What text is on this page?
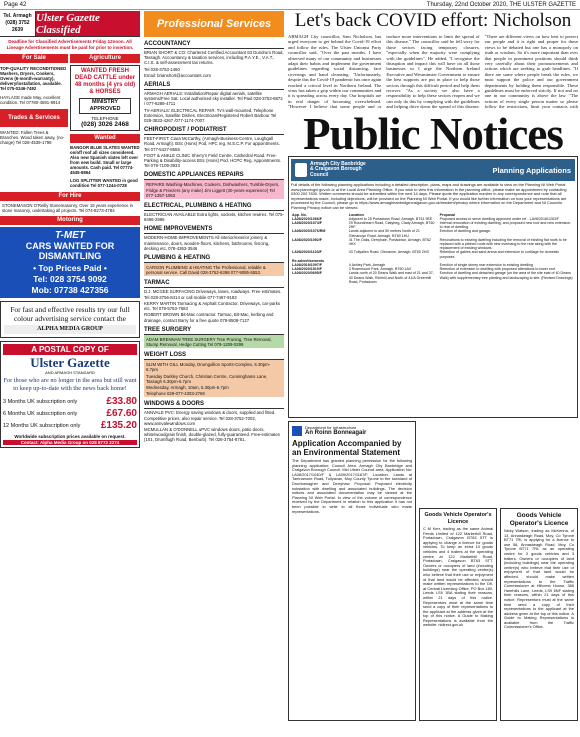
Page 42	Thursday, 22nd October 2020, THE ULSTER GAZETTE
Tel. Armagh
(028) 3752 2639
Ulster Gazette Classified
Deadline for Classified Advertisements Friday 12noon. All Lineage Advertisements must be paid for prior to insertion.
For Sale
TOP-QUALITY RECONDITIONED Washers, Dryers, Cookers, Ovens (6-month-warranty), delivery/installation, available. Tel 075-0246-7492
HAYLAGE made May, excellent condition. Tel 07780-4591-8914
Trades & Services
WANTED: Fallen Trees & Branches. Wood taken away, (no-charge) Tel 028-4539-1798
Agriculture
WANTED FRESH DEAD CATTLE under 48 months (4 yrs old) & HORSES
MINISTRY APPROVED
TELEPHONE
(028) 3026 2468
Wanted
BANGOR BLUE SLATES WANTED on/off roof all sizes considered. Also new Spanish slates left over from new build. Small or large amounts. Cash paid. Tel 07774-4545-6864
LOG SPLITTER WANTED in good condition Tel 077-1244-0728
For Hire
STONEMASON O'Reilly Stonemasonry, Over 15 years experience in stone masonry, undertaking all projects. Tel 074-8273-4784
Motoring
T-MET
CARS WANTED FOR DISMANTLING
• Top Prices Paid •
Tel: 028 3754 9092
Mob: 07738 427356
For fast and effective results try our full colour advertising service contact the
ALPHA MEDIA GROUP
A POSTAL COPY OF
Ulster Gazette
AND ARMAGH STANDARD
For those who are no longer in the area but still want to keep up-to-date with the news back home!
3 Months UK subscription only	£33.80
6 Months UK subscription only	£67.60
12 Months UK subscription only £135.20
Worldwide subscription prices available on request.
Contact: Alpha Media Group on 028 8772 2274
Professional Services
ACCOUNTANCY
BRIAN SHORT & CO: Chartered Certified Accountant 63 Dundrum Road, Tassagh. Accountancy & taxation services, including P.A.Y.E., V.A.T., C.I.S. & self-assessment tax returns.
Tel 028-3753-1460
Email: brianshort@accountant.com
AERIALS
ARMAGH AERIALS: Installation/Repair digital aerials, satellite systems/Free Sat. Local authorised sky installer. Tel Paul 028-3753-8872 / 077-6288-4711
TV-AERIALS: ELECTRICAL REPAIR. Tv's wall-mounted, Telephone Extension, Satellite Dishes. Electrician/Registered Robert Barbour Tel 028-3833-4267 /077-1174-7007.
CHIROPODIST / PODIATRIST
FEET-FIRST: Ciara McCarthy, (Armagh-Business-Centre, Loughgall Road, Armagh). BSc (Hons) Pod, HPC reg, M.S.C.P. For appointments. Tel 077-5427-8555
FOOT & ANKLE CLINIC Sherry's Field Centre, Cathedral Road. Free-Parking & Disability-access BSc (Hons) Pod. HCPC Reg. Appointments. Tel 079-7109-3933
DOMESTIC APPLIANCES REPAIRS
REPAIRS Washing-Machines, Cookers, Dishwashers, Tumble-Dryers, Fridge & Freezers (any make) Jim Liggett (30-years-experience) Tel 077-1357-1953
ELECTRICAL, PLUMBING & HEATING
ELECTRICIAN AVAILABLE Extra lights, sockets, kitchen rewires. Tel 075-8496-2996
HOME IMPROVEMENTS
MODERN-HOME-IMPROVEMENTS All interior/exterior joinery & maintenance, doors, wooden-floors, kitchens, bathrooms, fencing, decking etc. 078-4363-3546
PLUMBING & HEATING
CARSON PLUMBING & HEATING The Professional, reliable & personal service. Call David 028-3752-6398 077-9085-5553.
TARMAC
D.J. MCGEE SURFACING Driveways, lanes, roadways. Free estimates. Tel 028-3756-8414 or call mobile 077-7467-9183
KERRY MARTIN Tarmacing & Asphalt Contractor. Driveways, car-parks etc. Tel 079-5763-7683
ROBERT BROWN Bit-Mac contractor. Tarmac, Bit-Mac, kerbing and drainage, contact Barry for a free quote 078-8508-7127
TREE SURGERY
ADAM BRENNAN TREE SURGERY Tree Pruning, Tree Removal, Stump Removal, Hedge Cutting Tel 079-1209-0299
WEIGHT LOSS
SLIM WITH GILL Monday, Drumgullion Sports-Complex, 5.30pm-6.7pm
Tuesday Darkley Church, Christian Centre, Cunninghams Lane, Tassagh 5.30pm-6.7pm
Wednesday, Armagh, 10am, 5.30pm-6.7pm
Telephone 028-077-4303-2769
WINDOWS & DOORS
ANNVALE PVC: Energy saving windows & doors, supplied and fitted. Competitive prices, also repair service. Tel 028-3752-7002, www.annvalewindows.com
MCMULLAN & O'DONNELL uPVC windows doors, patio doors, white/woodgrain finish, double-glazed, fully-guaranteed. Free-estimates (101, Drumflugh Road, Benburb). Tel 028-3754-8781.
Let's back COVID effort: Nicholson
ARMAGH City councillor, Sam Nicholson, has urged everyone to get behind the Covid-19 effort and follow the rules. The Ulster Unionist Party councillor said, "Over the past months, I have observed many of our community and businesses adapt their habits and implement the government guidelines regarding social distancing, face coverings and hand cleansing. "Unfortunately, despite this the Covid-19 pandemic has once again reached a critical level in Northern Ireland. The virus has taken a grip within our communities and it is spreading across every day. Our hospitals are in real danger of becoming overwhelmed. "However I believe that some people and or
troduce more interventions to limit the spread of this disease." The councillor said he fell sorry for those sectors facing temporary closures, "especially when the majority were complying with the guidelines". He added, "I recognise the disruption and impact this will have on all those businesses so I urge the Northern Ireland Executive and Westminster Government to ensure the best supports are put in place to help those sectors through this difficult period and help them recover. "As a society we also have a responsibility to help these sectors reopen and we can only do this by complying with the guidelines and helping drive down the spread of this disease.
"There are different views on how best to protect our people and it is right and proper for these views to be debated but one has a monopoly on truth or wisdom. So it's more important than ever that people in prominent positions should think very carefully about their pronouncements and actions which are seeking to grab headlines. "If there are some where people break the rules, we must support the police and our government departments by holding them responsible. These guidelines must be enforced strictly. If not and no one in our community is above the law. "The actions of every single person matter so please follow the restrictions, limit your contacts with
Public Notices
Armagh City Banbridge & Craigavon Borough Council
Planning Applications
Full details of the following planning applications including a detailed description, plans, maps and drawings are available to view on the Planning NI Web Portal www.planningni.gov.uk or at the Local Area Planning Office. If you wish to view this information in the planning office, please make an appointment by contacting 0300 200 7830. Written comments should be submitted within the next 14 days. Please quote the application number in any correspondence and note that all representations made, including objections, will be provided on the Planning NI Web Portal. If you would like further information on how your representations are processed by the Council, please go to https://www.armaghbanbridgecraigavon.gov.uk/resident/privacy where information on the Department and NI Councils Planning Privacy notice can be viewed.
App. No.	Location	Proposal
LA08/2020/1066/F	Adjacent to 25 Portadown Road, Armagh, BT61 9EE	Proposed access to serve dwelling approved under ref - LA08/2018/1263/F
LA08/2020/1074/F	29 Roundhearn Road, Clatybeg, Clady Armagh, BT60 2HF	Internal renovation of existing dwelling, and proposed new roof and new extension to rear of dwelling.
LA08/2020/1076/RM	Lands adjacent to and 50 metres North of 21 Glenanoye Road, Armagh, BT60 1HU	Erection of dwelling and garage.
LA08/2020/1092/F	41 The Oaks, Derryhale, Portadown, Armagh, BT62 4HX	Renovations to existing dwelling including the removal of existing flat roofs to be replaced with a pitched roofs with new overhang to the rear along with the replacement of existing windows.
LA08/2020/1103/F	43 Tullyallen Road, Glenanne, Armagh, BT60 2HS	Retention of gables and sand arena and extension to curtilage for domestic purposes
Re-advertisements		
LA08/2019/1097/F	4 Ashley Park, Armagh	Erection of single storey rear extension to existing dwelling
LA08/2020/1519/F	3 Rosemount Park, Armagh, BT60 1AX	Retention of extension to dwelling with proposed alterations to lower roof
LA08/2020/0695/F	Lands north of 20 Deans Walk and east of 21 and 37-40 Deans Walk, Richhill and North of 41/A Greenhill Road, Portadown	Erection of dwelling and detached garage (on the area of the site east of 40 Deans Walk) with supplementary tree planting and landscaping to site. (Revised Drawings)
Department for Infrastructure
An Roinn Bonneagair
Application Accompanied by an Environmental Statement
The Department has granted planning permission for the following planning application: Council Area: Armagh City Banbridge and Craigavon Borough Council. Mid Ulster Council area. Application No: LA08/2017/1040/F & LA09/2017/1187/F. Location: Lands at Tamnamore Road, Tullyavan, Moy County Tyrone to the townland of Drumbanagher and Derryhaw. Proposal: Proposed electricity substation with dwelling and associated buildings. The decision notices and associated documentation may be viewed at the Planning NI Web Portal. In view of the volume of correspondence received by the Department in relation to this application it has not been possible to write to all those individuals who made representations.
Goods Vehicle Operator's Licence
C M Kerr, trading as the same Animal Feeds Limited of 122 Markethill Road, Portadown, Craigavon BT63 5TT is applying to change a licence for goods vehicles. To keep an extra 10 goods vehicles and 4 trailers at the operating centre at 122 Markethill Road, Portadown, Craigavon BT63 5TT. Owners or occupiers of land (including buildings) near the operating centre(s) who believe that their use or enjoyment of that land would be affected, should make written representations to the DfI, at Central Licensing Office, PO Box 180, Leeds LS9 1BA stating their reasons, within 21 days of this notice. Representors must at the same time send a copy of their representations to the applicant at the address given at the top of this notice. A Guide to Making Representations is available from the website: nidirect.gov.uk
Goods Vehicle Operator's Licence
Nicky Watson, trading as McKenna, of 13, Annaskeagh Road, Moy, Co Tyrone BT71 7RL is applying for a licence to use 58, Annaskeagh Road, Moy, Co Tyrone BT71 7RL as an operating centre for 3 goods vehicles and 3 trailers. Owners or occupiers of land (including buildings) near the operating centre(s) who believe that their use or enjoyment of that land would be affected, should make written representations to the Traffic Commissioner at Hillcrest House, 386 Harehills Lane, Leeds, LS9 6NF stating their reasons, within 21 days of this notice. Representors must at the same time send a copy of their representations to the applicant at the address given at the top of this notice. A Guide to Making Representations is available from the Traffic Commissioner's Office.
